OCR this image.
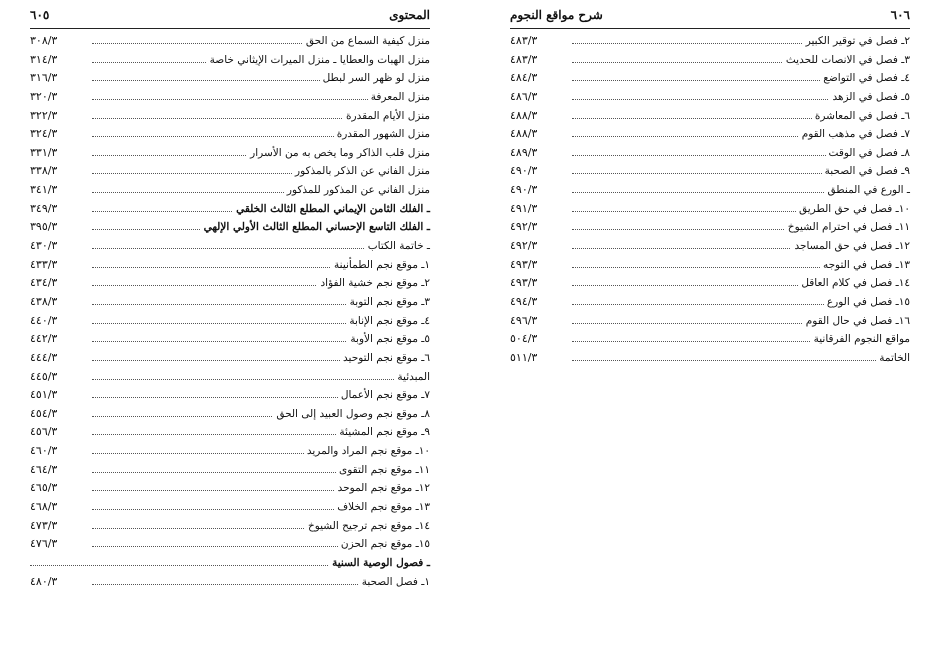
٦٠٥	المحتوى
منزل كيفية السماع من الحق
٣٠٨/٣
منزل الهبات والعطايا ـ منزل الميرات الإيثاني خاصة
٣١٤/٣
منزل لو ظهر السر لبطل
٣١٦/٣
منزل المعرفة
٣٢٠/٣
منزل الأيام المقدرة
٣٢٢/٣
منزل الشهور المقدرة
٣٢٤/٣
منزل قلب الذاكر وما يخص به من الأسرار
٣٣١/٣
منزل الفاني عن الذكر بالمذكور
٣٣٨/٣
منزل الفاني عن المذكور للمذكور
٣٤١/٣
ـ الفلك الثامن الإيماني المطلع الثالث الخلقي
٣٤٩/٣
ـ الفلك التاسع الإحساني المطلع الثالث الأولي الإلهي
٣٩٥/٣
ـ خاتمة الكتاب
٤٣٠/٣
١ـ موقع نجم الطمأنينة
٤٣٣/٣
٢ـ موقع نجم خشية الفؤاد
٤٣٤/٣
٣ـ موقع نجم التوبة
٤٣٨/٣
٤ـ موقع نجم الإنابة
٤٤٠/٣
٥ـ موقع نجم الأوبة
٤٤٢/٣
٦ـ موقع نجم التوحيد
٤٤٤/٣
المبدئية
٤٤٥/٣
٧ـ موقع نجم الأعمال
٤٥١/٣
٨ـ موقع نجم وصول العبيد إلى الحق
٤٥٤/٣
٩ـ موقع نجم المشيئة
٤٥٦/٣
١٠ـ موقع نجم المراد والمريد
٤٦٠/٣
١١ـ موقع نجم التقوى
٤٦٤/٣
١٢ـ موقع نجم الموحد
٤٦٥/٣
١٣ـ موقع نجم الخلاف
٤٦٨/٣
١٤ـ موقع نجم ترجيح الشيوخ
٤٧٣/٣
١٥ـ موقع نجم الحزن
٤٧٦/٣
ـ فصول الوصية السنية
١ـ فصل الصحبة
٤٨٠/٣
٦٠٦
شرح مواقع النجوم
٢ـ فصل في توقير الكبير
٤٨٣/٣
٣ـ فصل في الانصات للحديث
٤٨٣/٣
٤ـ فصل في التواضع
٤٨٤/٣
٥ـ فصل في الزهد
٤٨٦/٣
٦ـ فصل في المعاشرة
٤٨٨/٣
٧ـ فصل في مذهب القوم
٤٨٨/٣
٨ـ فصل في الوقت
٤٨٩/٣
٩ـ فصل في الصحبة
٤٩٠/٣
ـ الورع في المنطق
٤٩٠/٣
١٠ـ فصل في حق الطريق
٤٩١/٣
١١ـ فصل في احترام الشيوخ
٤٩٢/٣
١٢ـ فصل في حق المساجد
٤٩٢/٣
١٣ـ فصل في التوجه
٤٩٣/٣
١٤ـ فصل في كلام العاقل
٤٩٣/٣
١٥ـ فصل في الورع
٤٩٤/٣
١٦ـ فصل في حال القوم
٤٩٦/٣
مواقع النجوم الفرقانية
٥٠٤/٣
الخاتمة
٥١١/٣
